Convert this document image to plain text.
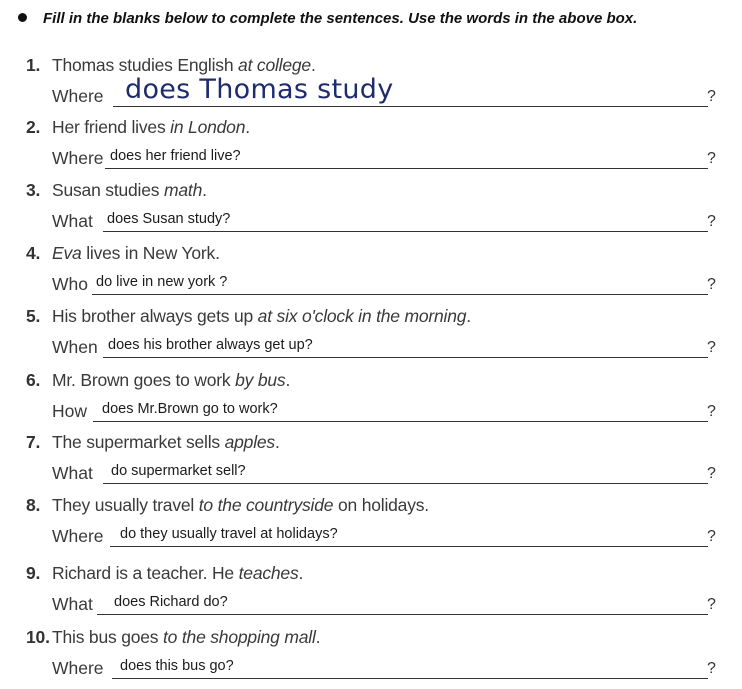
Fill in the blanks below to complete the sentences. Use the words in the above box.
1. Thomas studies English at college.
Where does Thomas study	?
2. Her friend lives in London.
Where does her friend live?	?
3. Susan studies math.
What does Susan study?	?
4. Eva lives in New York.
Who do live in new york ?	?
5. His brother always gets up at six o'clock in the morning.
When does his brother always get up?	?
6. Mr. Brown goes to work by bus.
How does Mr.Brown go to work?	?
7. The supermarket sells apples.
What do supermarket sell?	?
8. They usually travel to the countryside on holidays.
Where do they usually travel at holidays?	?
9. Richard is a teacher. He teaches.
What does Richard do?	?
10. This bus goes to the shopping mall.
Where does this bus go?	?
